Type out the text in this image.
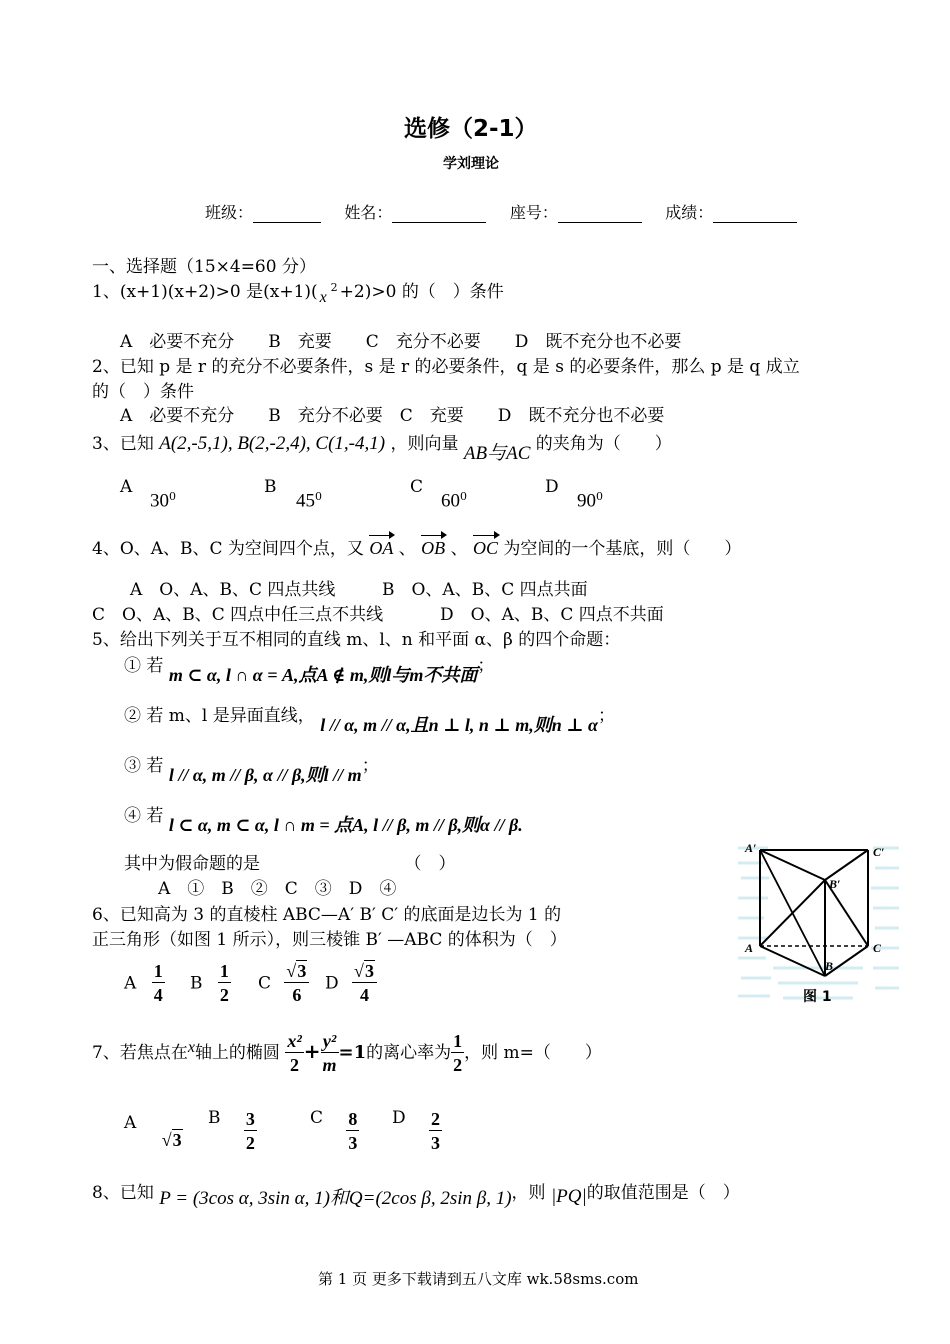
选修（2-1）
学刘理论
班级：	姓名：	座号：	成绩：
一、选择题（15×4=60 分）
1、(x+1)(x+2)>0 是(x+1)( x
2 +2)>0 的（　）条件
A　必要不充分　　B　充要　　C　充分不必要　　D　既不充分也不必要
2、已知 p 是 r 的充分不必要条件，s 是 r 的必要条件，q 是 s 的必要条件，那么 p 是 q 成立
的（　）条件
A　必要不充分　　B　充分不必要　C　充要　　D　既不充分也不必要
3、已知 A(2,-5,1), B(2,-2,4), C(1,-4,1) ，则向量 AB与AC 的夹角为（　　）
A
$30^0$	B
$45^0$	C
$60^0$	D
$90^0$
4、O、A、B、C 为空间四个点，又 OA 、 OB 、 OC 为空间的一个基底，则（　　）
A　O、A、B、C 四点共线	B　O、A、B、C 四点共面
C　O、A、B、C 四点中任三点不共线	D　O、A、B、C 四点不共面
5、给出下列关于互不相同的直线 m、l、n 和平面 α、β 的四个命题：
① 若 m ⊂ α, l ∩ α = A,点A ∉ m,则l与m不共面；
② 若 m、l 是异面直线， l // α, m // α,且n ⊥ l, n ⊥ m,则n ⊥ α；
③ 若 l // α, m // β, α // β,则l // m；
④ 若 l ⊂ α, m ⊂ α, l ∩ m = 点A, l // β, m // β,则α // β.
其中为假命题的是　　　　　　　　　（　）
A　①　B　②　C　③　D　④
6、已知高为 3 的直棱柱 ABC—A′ B′ C′ 的底面是边长为 1 的
正三角形（如图 1 所示），则三棱锥 B′ —ABC 的体积为（　）
A $\frac{1}{4}$ B $\frac{1}{2}$ C $\frac{√3}{6}$ D $\frac{√3}{4}$
A′	C′
B′
A	C
B
图 1
7、若焦点在x轴上的椭圆 $\frac{\text{x²}}{2} + \frac{\text{y²}}{m} =1$的离心率为 $\frac{1}{2}$ ，则 m=（　　）
A √3
B $\frac{3}{2}$	C $\frac{8}{3}$ D $\frac{2}{3}$
8、已知 P = (3cos α, 3sin α, 1)和Q=(2cos β, 2sin β, 1)，则 |PQ|的取值范围是（　）
第 1 页 更多下载请到五八文库 wk.58sms.com
